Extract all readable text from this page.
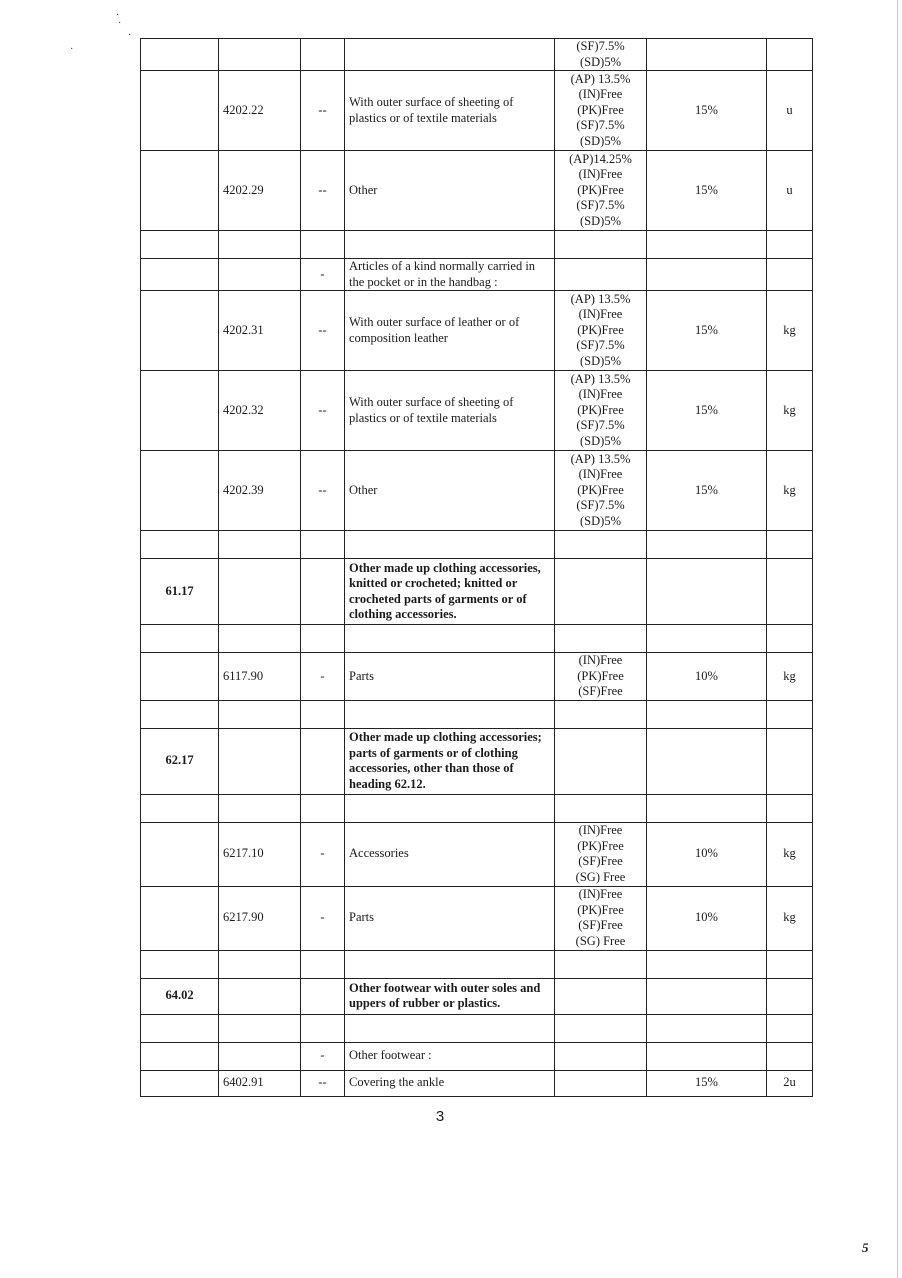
·
·
·
·

				(SF)7.5%
(SD)5%		

	4202.22	--	With outer surface of sheeting of plastics or of textile materials	(AP) 13.5%
(IN)Free
(PK)Free
(SF)7.5%
(SD)5%	15%	u
	4202.29	--	Other	(AP)14.25%
(IN)Free
(PK)Free
(SF)7.5%
(SD)5%	15%	u

		-	Articles of a kind normally carried in the pocket or in the handbag :			
	4202.31	--	With outer surface of leather or of composition leather	(AP) 13.5%
(IN)Free
(PK)Free
(SF)7.5%
(SD)5%	15%	kg
	4202.32	--	With outer surface of sheeting of plastics or of textile materials	(AP) 13.5%
(IN)Free
(PK)Free
(SF)7.5%
(SD)5%	15%	kg
	4202.39	--	Other	(AP) 13.5%
(IN)Free
(PK)Free
(SF)7.5%
(SD)5%	15%	kg

61.17			Other made up clothing accessories, knitted or crocheted; knitted or crocheted parts of garments or of clothing accessories.			

	6117.90	-	Parts	(IN)Free
(PK)Free
(SF)Free	10%	kg

62.17			Other made up clothing accessories; parts of garments or of clothing accessories, other than those of heading 62.12.			

	6217.10	-	Accessories	(IN)Free
(PK)Free
(SF)Free
(SG) Free	10%	kg
	6217.90	-	Parts	(IN)Free
(PK)Free
(SF)Free
(SG) Free	10%	kg

64.02			Other footwear with outer soles and uppers of rubber or plastics.			

		-	Other footwear :			
	6402.91	--	Covering the ankle		15%	2u
3
5
